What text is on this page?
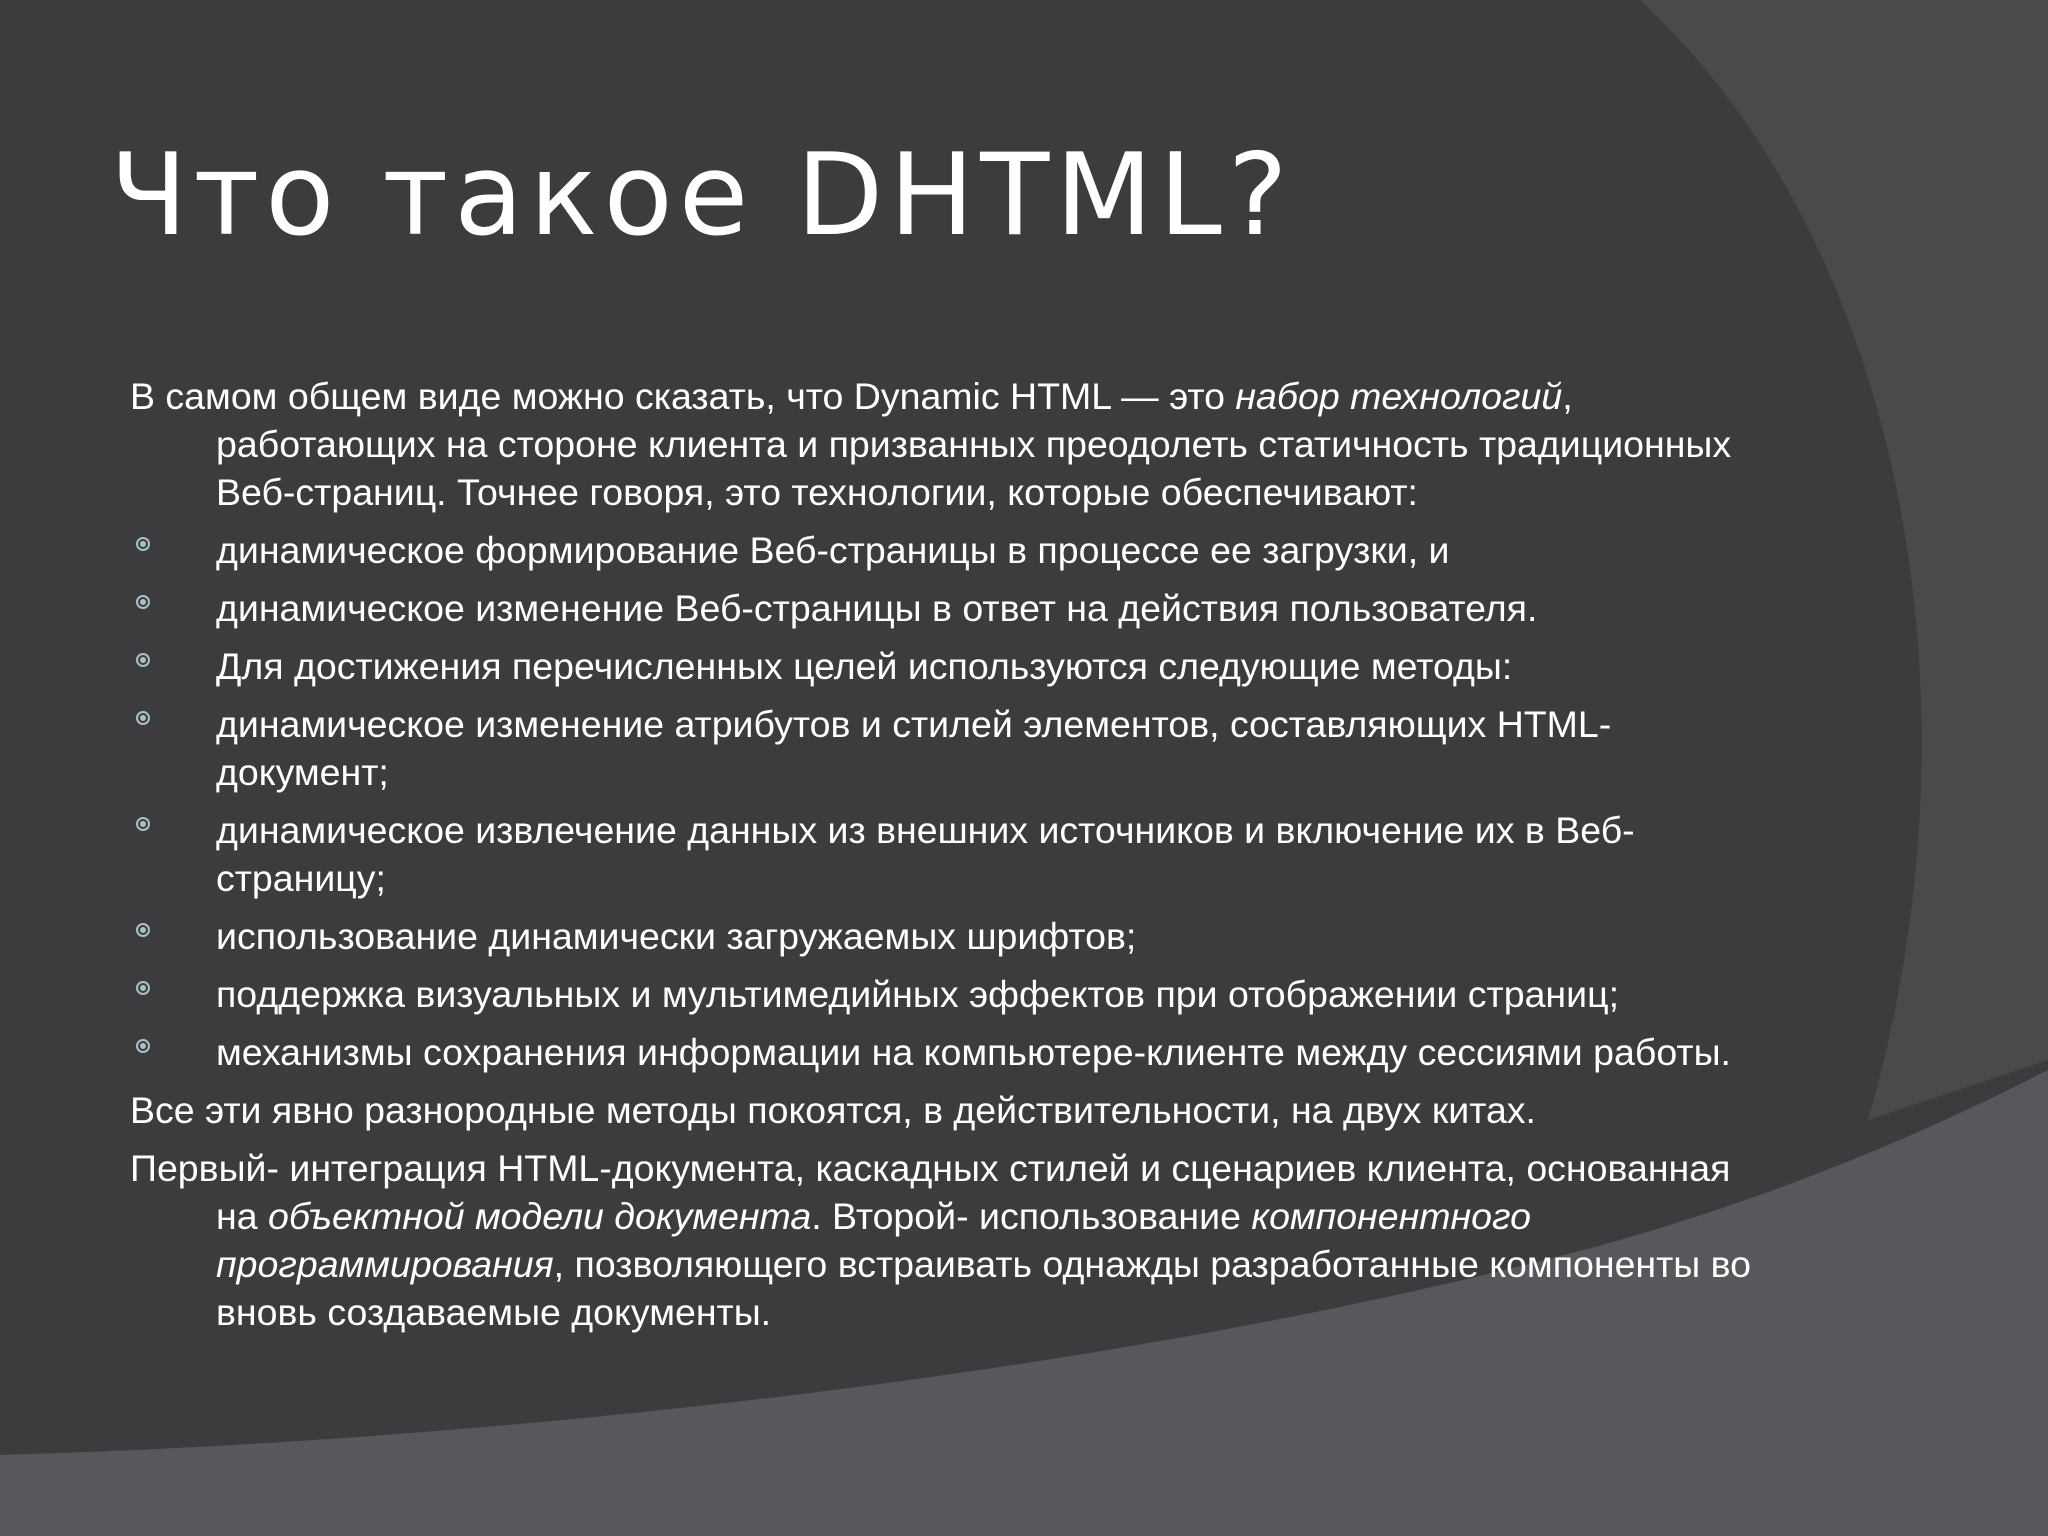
Что такое DHTML?
В самом общем виде можно сказать, что Dynamic HTML — это набор технологий, работающих на стороне клиента и призванных преодолеть статичность традиционных Веб-страниц. Точнее говоря, это технологии, которые обеспечивают:
динамическое формирование Веб-страницы в процессе ее загрузки, и
динамическое изменение Веб-страницы в ответ на действия пользователя.
Для достижения перечисленных целей используются следующие методы:
динамическое изменение атрибутов и стилей элементов, составляющих HTML-документ;
динамическое извлечение данных из внешних источников и включение их в Веб-страницу;
использование динамически загружаемых шрифтов;
поддержка визуальных и мультимедийных эффектов при отображении страниц;
механизмы сохранения информации на компьютере-клиенте между сессиями работы.
Все эти явно разнородные методы покоятся, в действительности, на двух китах.
Первый- интеграция HTML-документа, каскадных стилей и сценариев клиента, основанная на объектной модели документа. Второй- использование компонентного программирования, позволяющего встраивать однажды разработанные компоненты во вновь создаваемые документы.
